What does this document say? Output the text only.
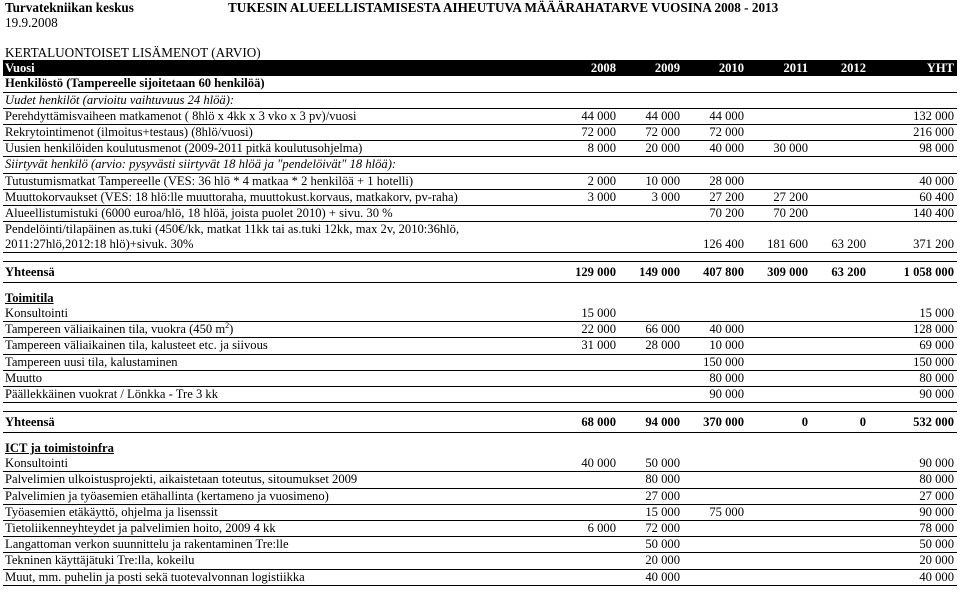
Turvatekniikan keskus	TUKESIN ALUEELLISTAMISESTA AIHEUTUVA MÄÄÄRAHATARVE VUOSINA 2008 - 2013
19.9.2008
KERTALUONTOISET LISÄMENOT (ARVIO)						
Vuosi	2008	2009	2010	2011	2012	YHT
Henkilöstö (Tampereelle sijoitetaan 60 henkilöä)						
Uudet henkilöt (arvioitu vaihtuvuus 24 hlöä):						
Perehdyttämisvaiheen matkamenot ( 8hlö x 4kk x 3 vko x 3 pv)/vuosi	44 000	44 000	44 000			132 000
Rekrytointimenot (ilmoitus+testaus) (8hlö/vuosi)	72 000	72 000	72 000			216 000
Uusien henkilöiden koulutusmenot (2009-2011 pitkä koulutusohjelma)	8 000	20 000	40 000	30 000		98 000
Siirtyvät henkilö (arvio: pysyvästi siirtyvät 18 hlöä ja "pendelöivät" 18 hlöä):						
Tutustumismatkat Tampereelle (VES: 36 hlö * 4 matkaa * 2 henkilöä + 1 hotelli)	2 000	10 000	28 000			40 000
Muuttokorvaukset (VES: 18 hlö:lle muuttoraha, muuttokust.korvaus, matkakorv, pv-raha)	3 000	3 000	27 200	27 200		60 400
Alueellistumistuki (6000 euroa/hlö, 18 hlöä, joista puolet 2010) + sivu. 30 %			70 200	70 200		140 400
Pendelöinti/tilapäinen as.tuki (450€/kk, matkat 11kk tai as.tuki 12kk, max 2v, 2010:36hlö, 2011:27hlö,2012:18 hlö)+sivuk. 30%			126 400	181 600	63 200	371 200

Yhteensä	129 000	149 000	407 800	309 000	63 200	1 058 000

Toimitila						
Konsultointi	15 000					15 000
Tampereen väliaikainen tila, vuokra (450 $m^2$)	22 000	66 000	40 000			128 000
Tampereen väliaikainen tila, kalusteet etc. ja siivous	31 000	28 000	10 000			69 000
Tampereen uusi tila, kalustaminen			150 000			150 000
Muutto			80 000			80 000
Päällekkäinen vuokrat / Lönkka - Tre 3 kk			90 000			90 000

Yhteensä	68 000	94 000	370 000	0	0	532 000

ICT ja toimistoinfra						
Konsultointi	40 000	50 000				90 000
Palvelimien ulkoistusprojekti, aikaistetaan toteutus, sitoumukset 2009		80 000				80 000
Palvelimien ja työasemien etähallinta (kertameno ja vuosimeno)		27 000				27 000
Työasemien etäkäyttö, ohjelma ja lisenssit		15 000	75 000			90 000
Tietoliikenneyhteydet ja palvelimien hoito, 2009 4 kk	6 000	72 000				78 000
Langattoman verkon suunnittelu ja rakentaminen Tre:lle		50 000				50 000
Tekninen käyttäjätuki Tre:lla, kokeilu		20 000				20 000
Muut, mm. puhelin ja posti sekä tuotevalvonnan logistiikka		40 000				40 000
